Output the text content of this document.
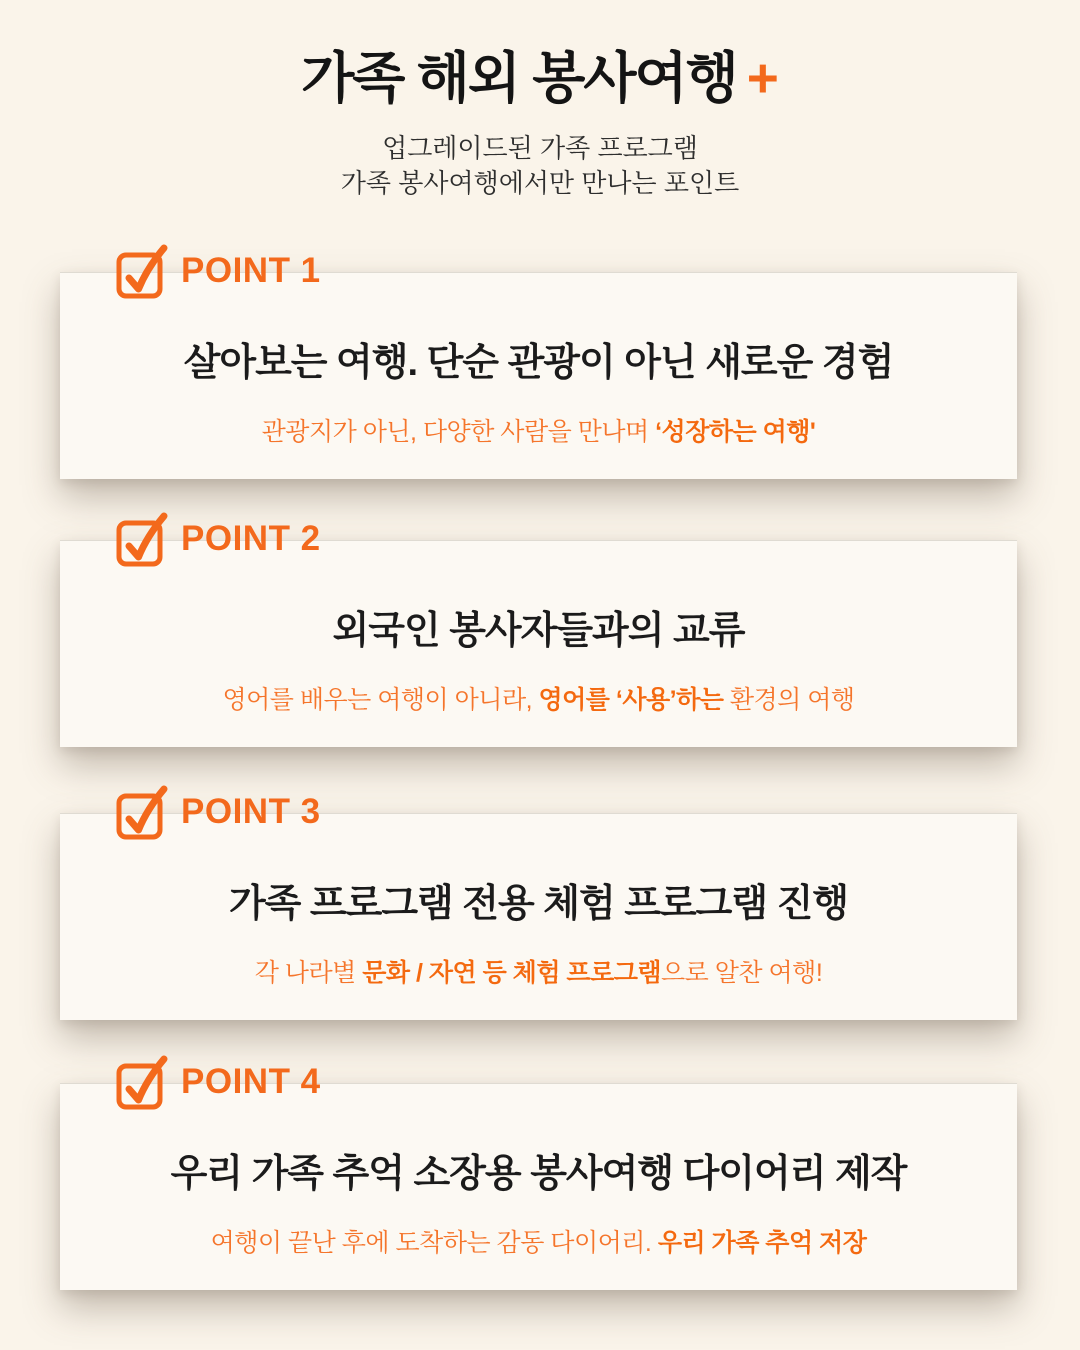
가족 해외 봉사여행 +
업그레이드된 가족 프로그램
가족 봉사여행에서만 만나는 포인트
POINT 1
살아보는 여행. 단순 관광이 아닌 새로운 경험
관광지가 아닌, 다양한 사람을 만나며 ‘성장하는 여행'
POINT 2
외국인 봉사자들과의 교류
영어를 배우는 여행이 아니라, 영어를 ‘사용’하는 환경의 여행
POINT 3
가족 프로그램 전용 체험 프로그램 진행
각 나라별 문화 / 자연 등 체험 프로그램으로 알찬 여행!
POINT 4
우리 가족 추억 소장용 봉사여행 다이어리 제작
여행이 끝난 후에 도착하는 감동 다이어리. 우리 가족 추억 저장
